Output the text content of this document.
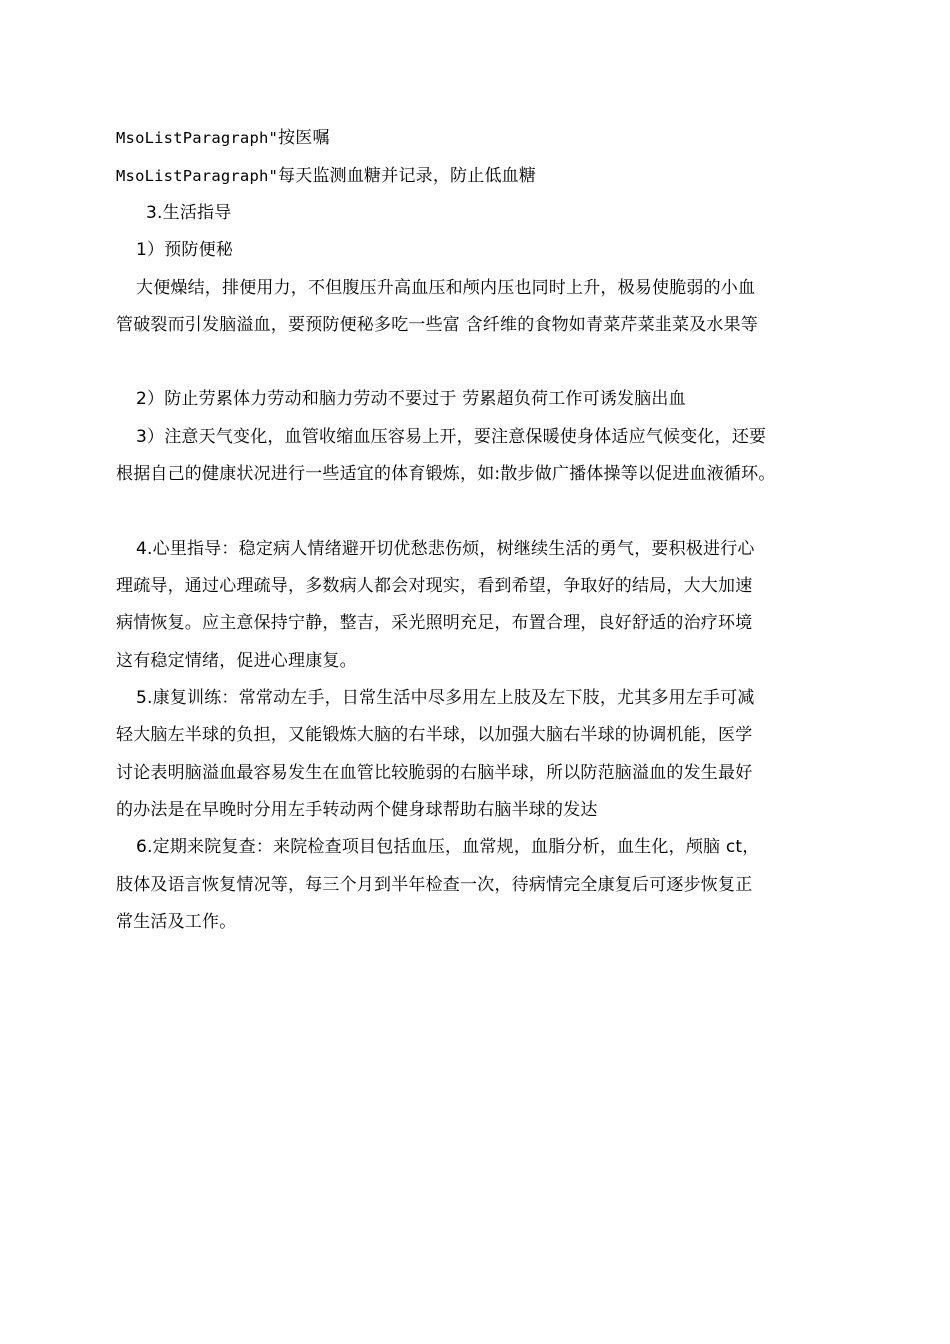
MsoListParagraph"按医嘱
MsoListParagraph"每天监测血糖并记录，防止低血糖
3.生活指导
1）预防便秘
大便燥结，排便用力，不但腹压升高血压和颅内压也同时上升，极易使脆弱的小血
管破裂而引发脑溢血，要预防便秘多吃一些富 含纤维的食物如青菜芹菜韭菜及水果等
2）防止劳累体力劳动和脑力劳动不要过于 劳累超负荷工作可诱发脑出血
3）注意天气变化，血管收缩血压容易上开，要注意保暖使身体适应气候变化，还要
根据自己的健康状况进行一些适宜的体育锻炼，如:散步做广播体操等以促进血液循环。
4.心里指导：稳定病人情绪避开切优愁悲伤烦，树继续生活的勇气，要积极进行心
理疏导，通过心理疏导，多数病人都会对现实，看到希望，争取好的结局，大大加速
病情恢复。应主意保持宁静，整吉，采光照明充足，布置合理，良好舒适的治疗环境
这有稳定情绪，促进心理康复。
5.康复训练：常常动左手，日常生活中尽多用左上肢及左下肢，尤其多用左手可减
轻大脑左半球的负担，又能锻炼大脑的右半球，以加强大脑右半球的协调机能，医学
讨论表明脑溢血最容易发生在血管比较脆弱的右脑半球，所以防范脑溢血的发生最好
的办法是在早晚时分用左手转动两个健身球帮助右脑半球的发达
6.定期来院复查：来院检查项目包括血压，血常规，血脂分析，血生化，颅脑 ct，
肢体及语言恢复情况等，每三个月到半年检查一次，待病情完全康复后可逐步恢复正
常生活及工作。
